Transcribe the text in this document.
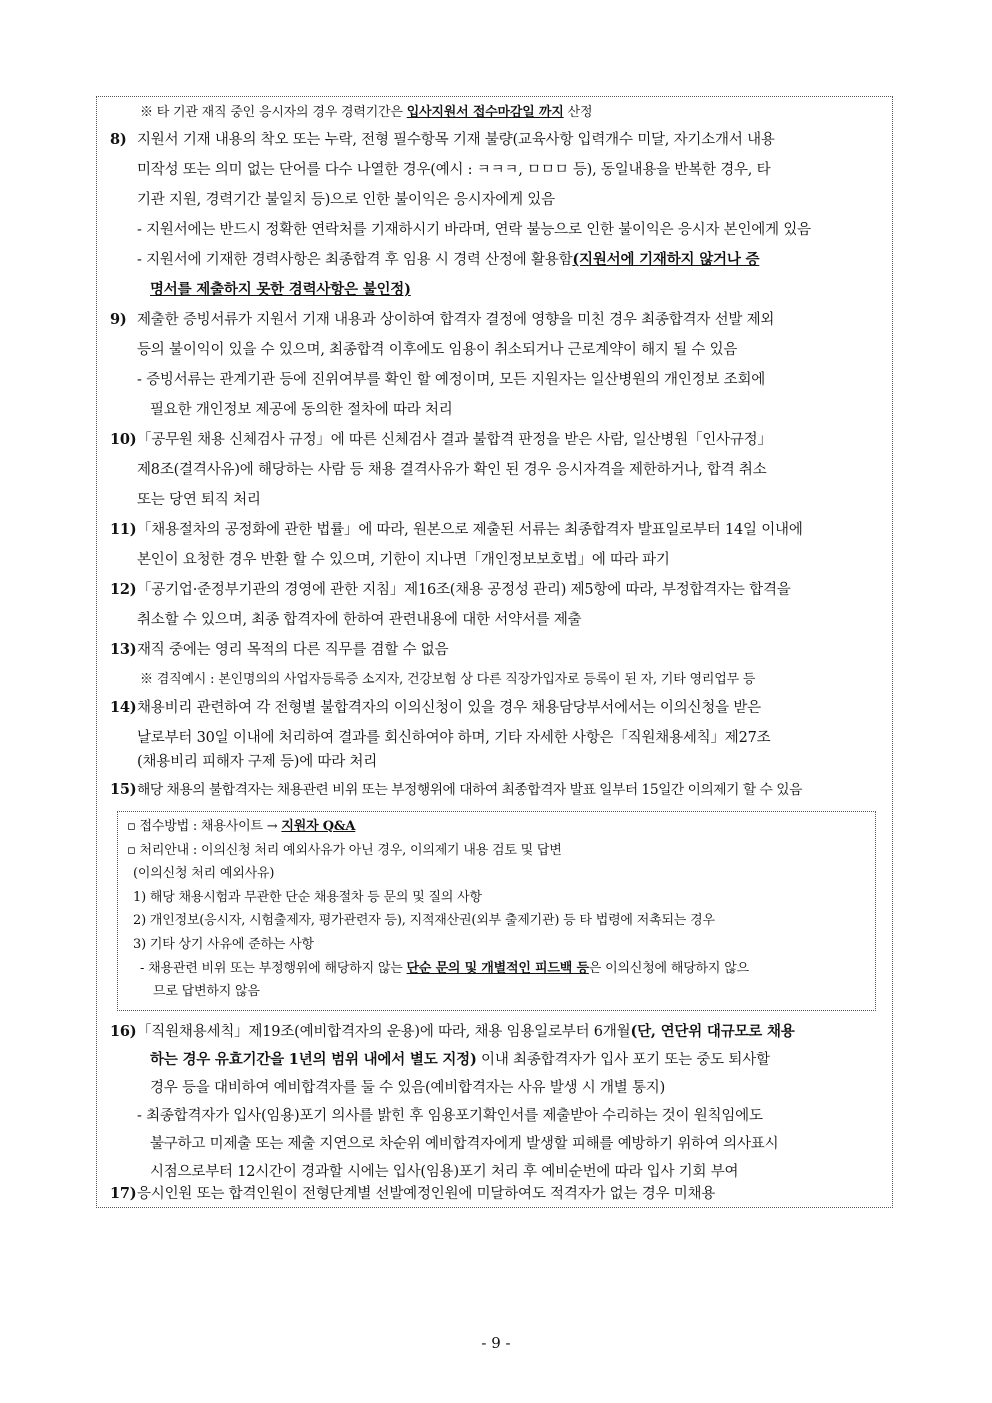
※ 타 기관 재직 중인 응시자의 경우 경력기간은 입사지원서 접수마감일 까지 산정
8) 지원서 기재 내용의 착오 또는 누락, 전형 필수항목 기재 불량(교육사항 입력개수 미달, 자기소개서 내용
미작성 또는 의미 없는 단어를 다수 나열한 경우(예시 : ㅋㅋㅋ, ㅁㅁㅁ 등), 동일내용을 반복한 경우, 타
기관 지원, 경력기간 불일치 등)으로 인한 불이익은 응시자에게 있음
- 지원서에는 반드시 정확한 연락처를 기재하시기 바라며, 연락 불능으로 인한 불이익은 응시자 본인에게 있음
- 지원서에 기재한 경력사항은 최종합격 후 임용 시 경력 산정에 활용함(지원서에 기재하지 않거나 증
명서를 제출하지 못한 경력사항은 불인정)
9) 제출한 증빙서류가 지원서 기재 내용과 상이하여 합격자 결정에 영향을 미친 경우 최종합격자 선발 제외
등의 불이익이 있을 수 있으며, 최종합격 이후에도 임용이 취소되거나 근로계약이 해지 될 수 있음
- 증빙서류는 관계기관 등에 진위여부를 확인 할 예정이며, 모든 지원자는 일산병원의 개인정보 조회에
필요한 개인정보 제공에 동의한 절차에 따라 처리
10) 「공무원 채용 신체검사 규정」에 따른 신체검사 결과 불합격 판정을 받은 사람, 일산병원「인사규정」
제8조(결격사유)에 해당하는 사람 등 채용 결격사유가 확인 된 경우 응시자격을 제한하거나, 합격 취소
또는 당연 퇴직 처리
11) 「채용절차의 공정화에 관한 법률」에 따라, 원본으로 제출된 서류는 최종합격자 발표일로부터 14일 이내에
본인이 요청한 경우 반환 할 수 있으며, 기한이 지나면「개인정보보호법」에 따라 파기
12) 「공기업·준정부기관의 경영에 관한 지침」제16조(채용 공정성 관리) 제5항에 따라, 부정합격자는 합격을
취소할 수 있으며, 최종 합격자에 한하여 관련내용에 대한 서약서를 제출
13) 재직 중에는 영리 목적의 다른 직무를 겸할 수 없음
※ 겸직예시 : 본인명의의 사업자등록증 소지자, 건강보험 상 다른 직장가입자로 등록이 된 자, 기타 영리업무 등
14) 채용비리 관련하여 각 전형별 불합격자의 이의신청이 있을 경우 채용담당부서에서는 이의신청을 받은
날로부터 30일 이내에 처리하여 결과를 회신하여야 하며, 기타 자세한 사항은「직원채용세칙」제27조
(채용비리 피해자 구제 등)에 따라 처리
15) 해당 채용의 불합격자는 채용관련 비위 또는 부정행위에 대하여 최종합격자 발표 일부터 15일간 이의제기 할 수 있음
▫ 접수방법 : 채용사이트 → 지원자 Q&A
▫ 처리안내 : 이의신청 처리 예외사유가 아닌 경우, 이의제기 내용 검토 및 답변
(이의신청 처리 예외사유)
1) 해당 채용시험과 무관한 단순 채용절차 등 문의 및 질의 사항
2) 개인정보(응시자, 시험출제자, 평가관련자 등), 지적재산권(외부 출제기관) 등 타 법령에 저촉되는 경우
3) 기타 상기 사유에 준하는 사항
- 채용관련 비위 또는 부정행위에 해당하지 않는 단순 문의 및 개별적인 피드백 등은 이의신청에 해당하지 않으
므로 답변하지 않음
16) 「직원채용세칙」제19조(예비합격자의 운용)에 따라, 채용 임용일로부터 6개월(단, 연단위 대규모로 채용
하는 경우 유효기간을 1년의 범위 내에서 별도 지정) 이내 최종합격자가 입사 포기 또는 중도 퇴사할
경우 등을 대비하여 예비합격자를 둘 수 있음(예비합격자는 사유 발생 시 개별 통지)
- 최종합격자가 입사(임용)포기 의사를 밝힌 후 임용포기확인서를 제출받아 수리하는 것이 원칙임에도
불구하고 미제출 또는 제출 지연으로 차순위 예비합격자에게 발생할 피해를 예방하기 위하여 의사표시
시점으로부터 12시간이 경과할 시에는 입사(임용)포기 처리 후 예비순번에 따라 입사 기회 부여
17) 응시인원 또는 합격인원이 전형단계별 선발예정인원에 미달하여도 적격자가 없는 경우 미채용
- 9 -
